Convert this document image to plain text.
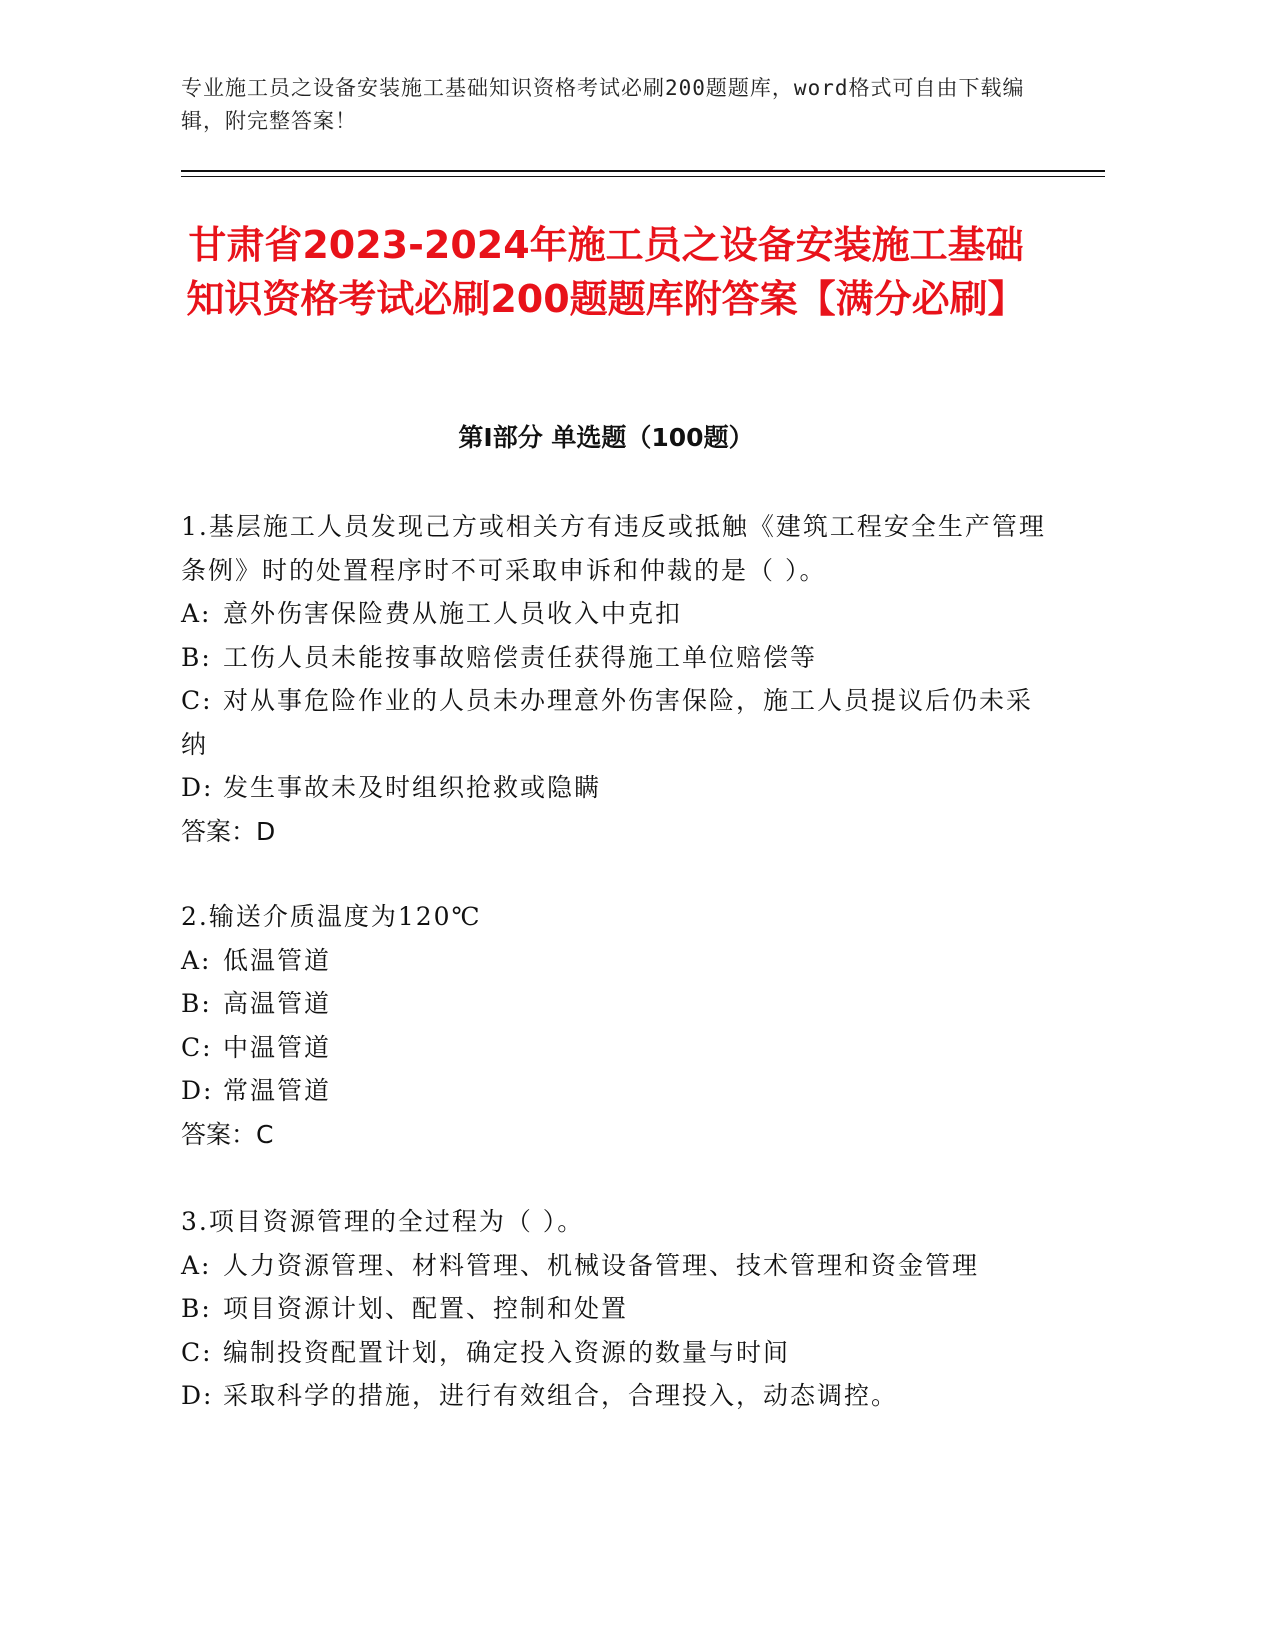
专业施工员之设备安装施工基础知识资格考试必刷200题题库，word格式可自由下载编辑，附完整答案！
甘肃省2023-2024年施工员之设备安装施工基础知识资格考试必刷200题题库附答案【满分必刷】
第I部分 单选题（100题）

1.基层施工人员发现己方或相关方有违反或抵触《建筑工程安全生产管理条例》时的处置程序时不可采取申诉和仲裁的是（ ）。

A: 意外伤害保险费从施工人员收入中克扣

B: 工伤人员未能按事故赔偿责任获得施工单位赔偿等

C: 对从事危险作业的人员未办理意外伤害保险，施工人员提议后仍未采纳

D: 发生事故未及时组织抢救或隐瞒

答案：D

2.输送介质温度为120℃

A: 低温管道

B: 高温管道

C: 中温管道

D: 常温管道

答案：C

3.项目资源管理的全过程为（ ）。

A: 人力资源管理、材料管理、机械设备管理、技术管理和资金管理

B: 项目资源计划、配置、控制和处置

C: 编制投资配置计划，确定投入资源的数量与时间

D: 采取科学的措施，进行有效组合，合理投入，动态调控。
